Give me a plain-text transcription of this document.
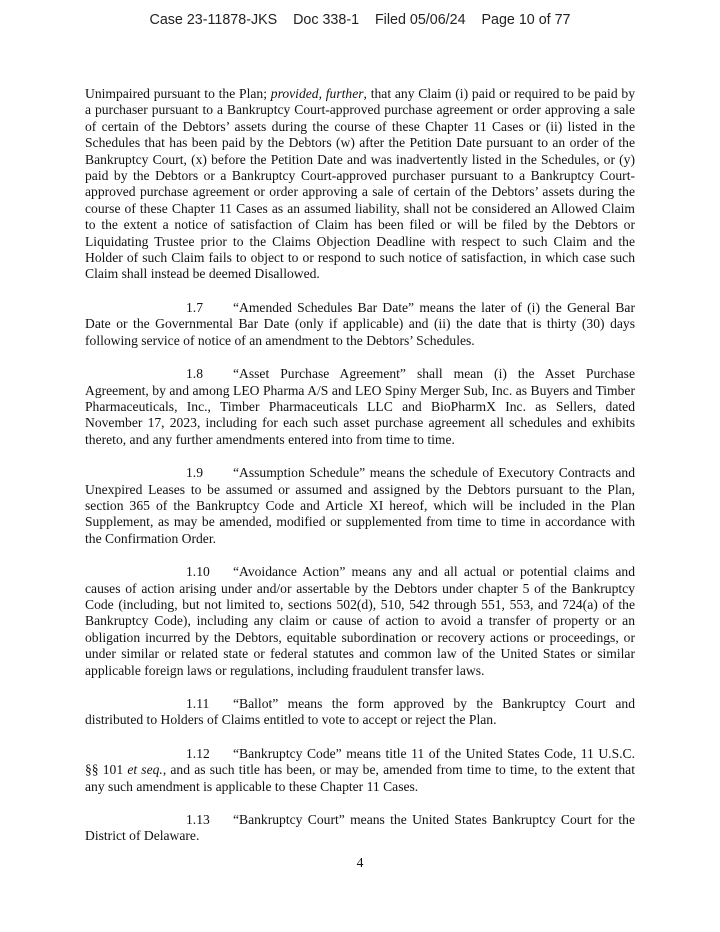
Case 23-11878-JKS Doc 338-1 Filed 05/06/24 Page 10 of 77

Unimpaired pursuant to the Plan; provided, further, that any Claim (i) paid or required to be paid by a purchaser pursuant to a Bankruptcy Court-approved purchase agreement or order approving a sale of certain of the Debtors’ assets during the course of these Chapter 11 Cases or (ii) listed in the Schedules that has been paid by the Debtors (w) after the Petition Date pursuant to an order of the Bankruptcy Court, (x) before the Petition Date and was inadvertently listed in the Schedules, or (y) paid by the Debtors or a Bankruptcy Court-approved purchaser pursuant to a Bankruptcy Court-approved purchase agreement or order approving a sale of certain of the Debtors’ assets during the course of these Chapter 11 Cases as an assumed liability, shall not be considered an Allowed Claim to the extent a notice of satisfaction of Claim has been filed or will be filed by the Debtors or Liquidating Trustee prior to the Claims Objection Deadline with respect to such Claim and the Holder of such Claim fails to object to or respond to such notice of satisfaction, in which case such Claim shall instead be deemed Disallowed.

1.7 “Amended Schedules Bar Date” means the later of (i) the General Bar Date or the Governmental Bar Date (only if applicable) and (ii) the date that is thirty (30) days following service of notice of an amendment to the Debtors’ Schedules.

1.8 “Asset Purchase Agreement” shall mean (i) the Asset Purchase Agreement, by and among LEO Pharma A/S and LEO Spiny Merger Sub, Inc. as Buyers and Timber Pharmaceuticals, Inc., Timber Pharmaceuticals LLC and BioPharmX Inc. as Sellers, dated November 17, 2023, including for each such asset purchase agreement all schedules and exhibits thereto, and any further amendments entered into from time to time.

1.9 “Assumption Schedule” means the schedule of Executory Contracts and Unexpired Leases to be assumed or assumed and assigned by the Debtors pursuant to the Plan, section 365 of the Bankruptcy Code and Article XI hereof, which will be included in the Plan Supplement, as may be amended, modified or supplemented from time to time in accordance with the Confirmation Order.

1.10 “Avoidance Action” means any and all actual or potential claims and causes of action arising under and/or assertable by the Debtors under chapter 5 of the Bankruptcy Code (including, but not limited to, sections 502(d), 510, 542 through 551, 553, and 724(a) of the Bankruptcy Code), including any claim or cause of action to avoid a transfer of property or an obligation incurred by the Debtors, equitable subordination or recovery actions or proceedings, or under similar or related state or federal statutes and common law of the United States or similar applicable foreign laws or regulations, including fraudulent transfer laws.

1.11 “Ballot” means the form approved by the Bankruptcy Court and distributed to Holders of Claims entitled to vote to accept or reject the Plan.

1.12 “Bankruptcy Code” means title 11 of the United States Code, 11 U.S.C. §§ 101 et seq., and as such title has been, or may be, amended from time to time, to the extent that any such amendment is applicable to these Chapter 11 Cases.

1.13 “Bankruptcy Court” means the United States Bankruptcy Court for the District of Delaware.

4
